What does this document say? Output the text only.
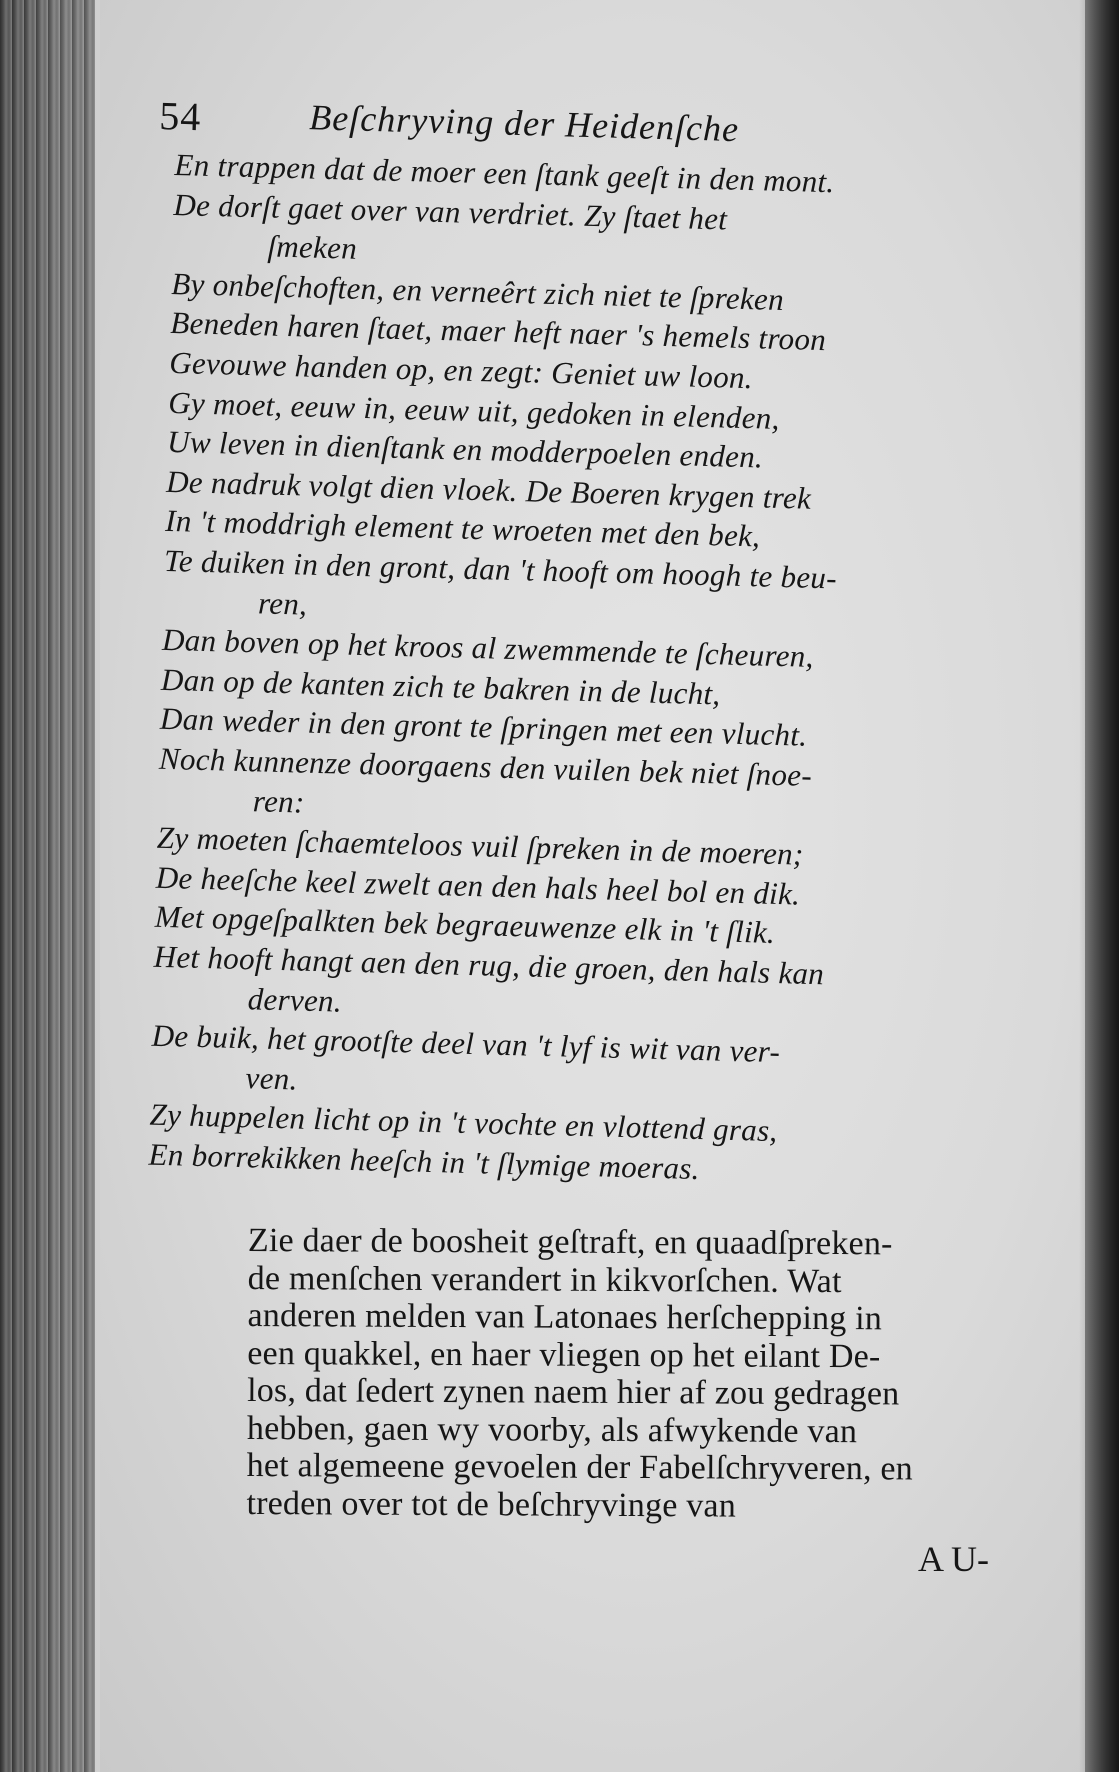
54	Beſchryving der Heidenſche
En trappen dat de moer een ſtank geeſt in den mont.
De dorſt gaet over van verdriet. Zy ſtaet het
ſmeken
By onbeſchoften, en verneêrt zich niet te ſpreken
Beneden haren ſtaet, maer heft naer 's hemels troon
Gevouwe handen op, en zegt: Geniet uw loon.
Gy moet, eeuw in, eeuw uit, gedoken in elenden,
Uw leven in dienſtank en modderpoelen enden.
De nadruk volgt dien vloek. De Boeren krygen trek
In 't moddrigh element te wroeten met den bek,
Te duiken in den gront, dan 't hooft om hoogh te beu-
ren,
Dan boven op het kroos al zwemmende te ſcheuren,
Dan op de kanten zich te bakren in de lucht,
Dan weder in den gront te ſpringen met een vlucht.
Noch kunnenze doorgaens den vuilen bek niet ſnoe-
ren:
Zy moeten ſchaemteloos vuil ſpreken in de moeren;
De heeſche keel zwelt aen den hals heel bol en dik.
Met opgeſpalkten bek begraeuwenze elk in 't ſlik.
Het hooft hangt aen den rug, die groen, den hals kan
derven.
De buik, het grootſte deel van 't lyf is wit van ver-
ven.
Zy huppelen licht op in 't vochte en vlottend gras,
En borrekikken heeſch in 't ſlymige moeras.
Zie daer de boosheit geſtraft, en quaadſpreken-
de menſchen verandert in kikvorſchen. Wat
anderen melden van Latonaes herſchepping in
een quakkel, en haer vliegen op het eilant De-
los, dat ſedert zynen naem hier af zou gedragen
hebben, gaen wy voorby, als afwykende van
het algemeene gevoelen der Fabelſchryveren, en
treden over tot de beſchryvinge van
A U-
